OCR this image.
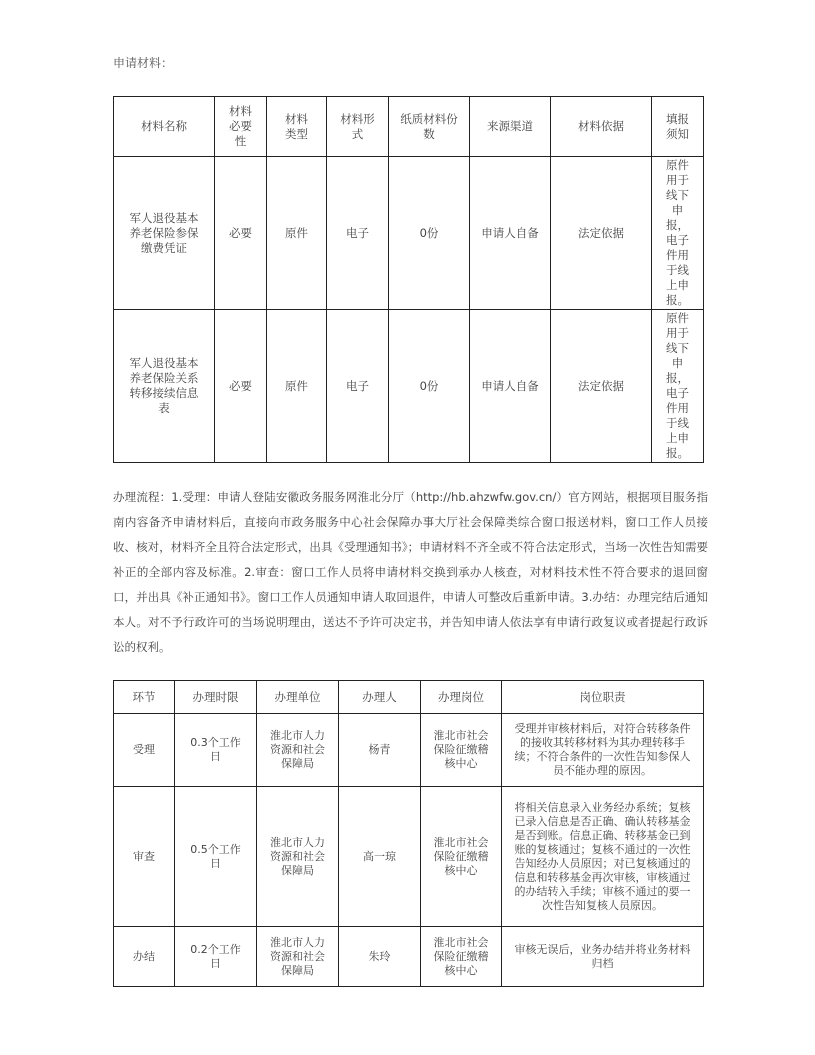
申请材料：
材料名称	材料必要性	材料类型	材料形式	纸质材料份数	来源渠道	材料依据	填报须知
军人退役基本养老保险参保缴费凭证	必要	原件	电子	0份	申请人自备	法定依据	原件用于线下申报，电子件用于线上申报。
军人退役基本养老保险关系转移接续信息表	必要	原件	电子	0份	申请人自备	法定依据	原件用于线下申报，电子件用于线上申报。
办理流程：1.受理：申请人登陆安徽政务服务网淮北分厅（http://hb.ahzwfw.gov.cn/）官方网站，根据项目服务指南内容备齐申请材料后，直接向市政务服务中心社会保障办事大厅社会保障类综合窗口报送材料，窗口工作人员接收、核对，材料齐全且符合法定形式，出具《受理通知书》；申请材料不齐全或不符合法定形式，当场一次性告知需要补正的全部内容及标准。2.审查：窗口工作人员将申请材料交换到承办人核查，对材料技术性不符合要求的退回窗口，并出具《补正通知书》。窗口工作人员通知申请人取回退件，申请人可整改后重新申请。3.办结：办理完结后通知本人。对不予行政许可的当场说明理由，送达不予许可决定书，并告知申请人依法享有申请行政复议或者提起行政诉讼的权利。
环节	办理时限	办理单位	办理人	办理岗位	岗位职责
受理	0.3个工作日	淮北市人力资源和社会保障局	杨青	淮北市社会保险征缴稽核中心	受理并审核材料后，对符合转移条件的接收其转移材料为其办理转移手续；不符合条件的一次性告知参保人员不能办理的原因。
审查	0.5个工作日	淮北市人力资源和社会保障局	高一琼	淮北市社会保险征缴稽核中心	将相关信息录入业务经办系统；复核已录入信息是否正确、确认转移基金是否到账。信息正确、转移基金已到账的复核通过；复核不通过的一次性告知经办人员原因；对已复核通过的信息和转移基金再次审核，审核通过的办结转入手续；审核不通过的要一次性告知复核人员原因。
办结	0.2个工作日	淮北市人力资源和社会保障局	朱玲	淮北市社会保险征缴稽核中心	审核无误后，业务办结并将业务材料归档
